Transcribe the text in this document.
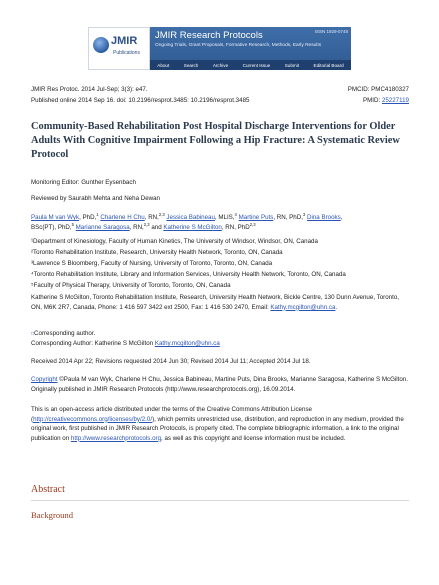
JMIR
Publications
ISSN 1929-0748
JMIR Research Protocols
Ongoing Trials, Grant Proposals, Formative Research, Methods, Early Results
About	Search	Archive	Current Issue	Submit	Editorial Board
JMIR Res Protoc. 2014 Jul-Sep; 3(3): e47.
Published online 2014 Sep 16. doi: 10.2196/resprot.3485: 10.2196/resprot.3485
PMCID: PMC4180327
PMID: 25227119
Community-Based Rehabilitation Post Hospital Discharge Interventions for Older Adults With Cognitive Impairment Following a Hip Fracture: A Systematic Review Protocol

Monitoring Editor: Gunther Eysenbach

Reviewed by Saurabh Mehta and Neha Dewan

Paula M van Wyk, PhD,$^1$ Charlene H Chu, RN,$^{2,3}$ Jessica Babineau, MLIS,$^4$ Martine Puts, RN, PhD,$^3$ Dina Brooks,

BSc(PT), PhD,$^5$ Marianne Saragosa, RN,$^{2,3}$ and Katherine S McGilton, RN, PhD$^{2,3}$

¹Department of Kinesiology, Faculty of Human Kinetics, The University of Windsor, Windsor, ON, Canada

²Toronto Rehabilitation Institute, Research, University Health Network, Toronto, ON, Canada

³Lawrence S Bloomberg, Faculty of Nursing, University of Toronto, Toronto, ON, Canada

⁴Toronto Rehabilitation Institute, Library and Information Services, University Health Network, Toronto, ON, Canada

⁵Faculty of Physical Therapy, University of Toronto, Toronto, ON, Canada

Katherine S McGilton, Toronto Rehabilitation Institute, Research, University Health Network, Bickle Centre, 130 Dunn Avenue, Toronto, ON, M6K 2R7, Canada, Phone: 1 416 597 3422 ext 2500, Fax: 1 416 530 2470, Email: Kathy.mcgilton@uhn.ca.

□Corresponding author.

Corresponding Author: Katherine S McGilton Kathy.mcgilton@uhn.ca

Received 2014 Apr 22; Revisions requested 2014 Jun 30; Revised 2014 Jul 11; Accepted 2014 Jul 18.

Copyright ©Paula M van Wyk, Charlene H Chu, Jessica Babineau, Martine Puts, Dina Brooks, Marianne Saragosa, Katherine S McGilton. Originally published in JMIR Research Protocols (http://www.researchprotocols.org), 16.09.2014.

This is an open-access article distributed under the terms of the Creative Commons Attribution License (http://creativecommons.org/licenses/by/2.0/), which permits unrestricted use, distribution, and reproduction in any medium, provided the original work, first published in JMIR Research Protocols, is properly cited. The complete bibliographic information, a link to the original publication on http://www.researchprotocols.org, as well as this copyright and license information must be included.

Abstract
Background
